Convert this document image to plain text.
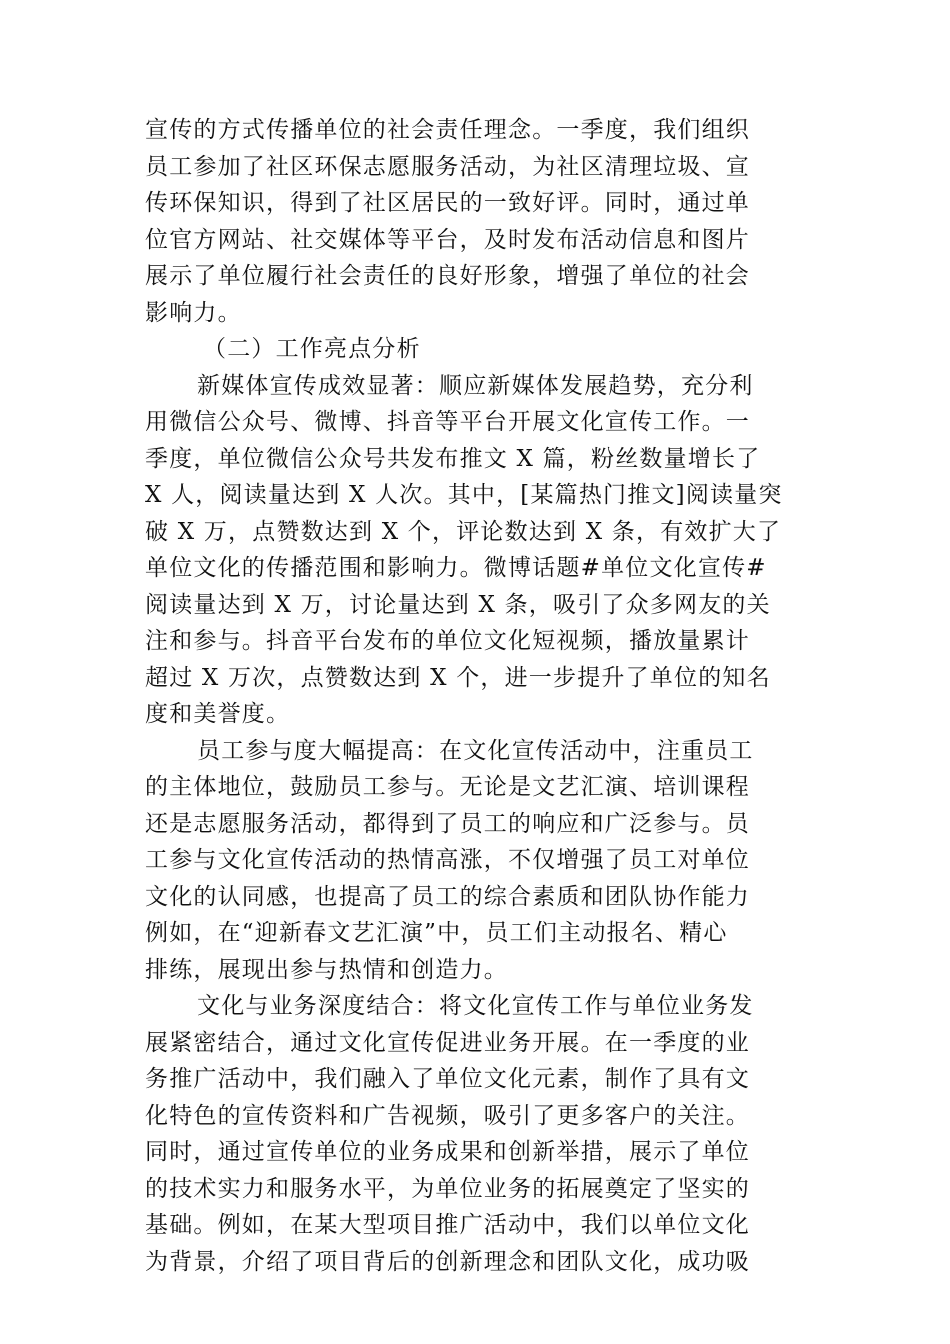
宣传的方式传播单位的社会责任理念。一季度，我们组织
员工参加了社区环保志愿服务活动，为社区清理垃圾、宣
传环保知识，得到了社区居民的一致好评。同时，通过单
位官方网站、社交媒体等平台，及时发布活动信息和图片
展示了单位履行社会责任的良好形象，增强了单位的社会
影响力。

（二）工作亮点分析

新媒体宣传成效显著：顺应新媒体发展趋势，充分利
用微信公众号、微博、抖音等平台开展文化宣传工作。一
季度，单位微信公众号共发布推文 X 篇，粉丝数量增长了
X 人，阅读量达到 X 人次。其中，[某篇热门推文]阅读量突
破 X 万，点赞数达到 X 个，评论数达到 X 条，有效扩大了
单位文化的传播范围和影响力。微博话题#单位文化宣传#
阅读量达到 X 万，讨论量达到 X 条，吸引了众多网友的关
注和参与。抖音平台发布的单位文化短视频，播放量累计
超过 X 万次，点赞数达到 X 个，进一步提升了单位的知名
度和美誉度。

员工参与度大幅提高：在文化宣传活动中，注重员工
的主体地位，鼓励员工参与。无论是文艺汇演、培训课程
还是志愿服务活动，都得到了员工的响应和广泛参与。员
工参与文化宣传活动的热情高涨，不仅增强了员工对单位
文化的认同感，也提高了员工的综合素质和团队协作能力
例如，在“迎新春文艺汇演”中，员工们主动报名、精心
排练，展现出参与热情和创造力。

文化与业务深度结合：将文化宣传工作与单位业务发
展紧密结合，通过文化宣传促进业务开展。在一季度的业
务推广活动中，我们融入了单位文化元素，制作了具有文
化特色的宣传资料和广告视频，吸引了更多客户的关注。
同时，通过宣传单位的业务成果和创新举措，展示了单位
的技术实力和服务水平，为单位业务的拓展奠定了坚实的
基础。例如，在某大型项目推广活动中，我们以单位文化
为背景，介绍了项目背后的创新理念和团队文化，成功吸
